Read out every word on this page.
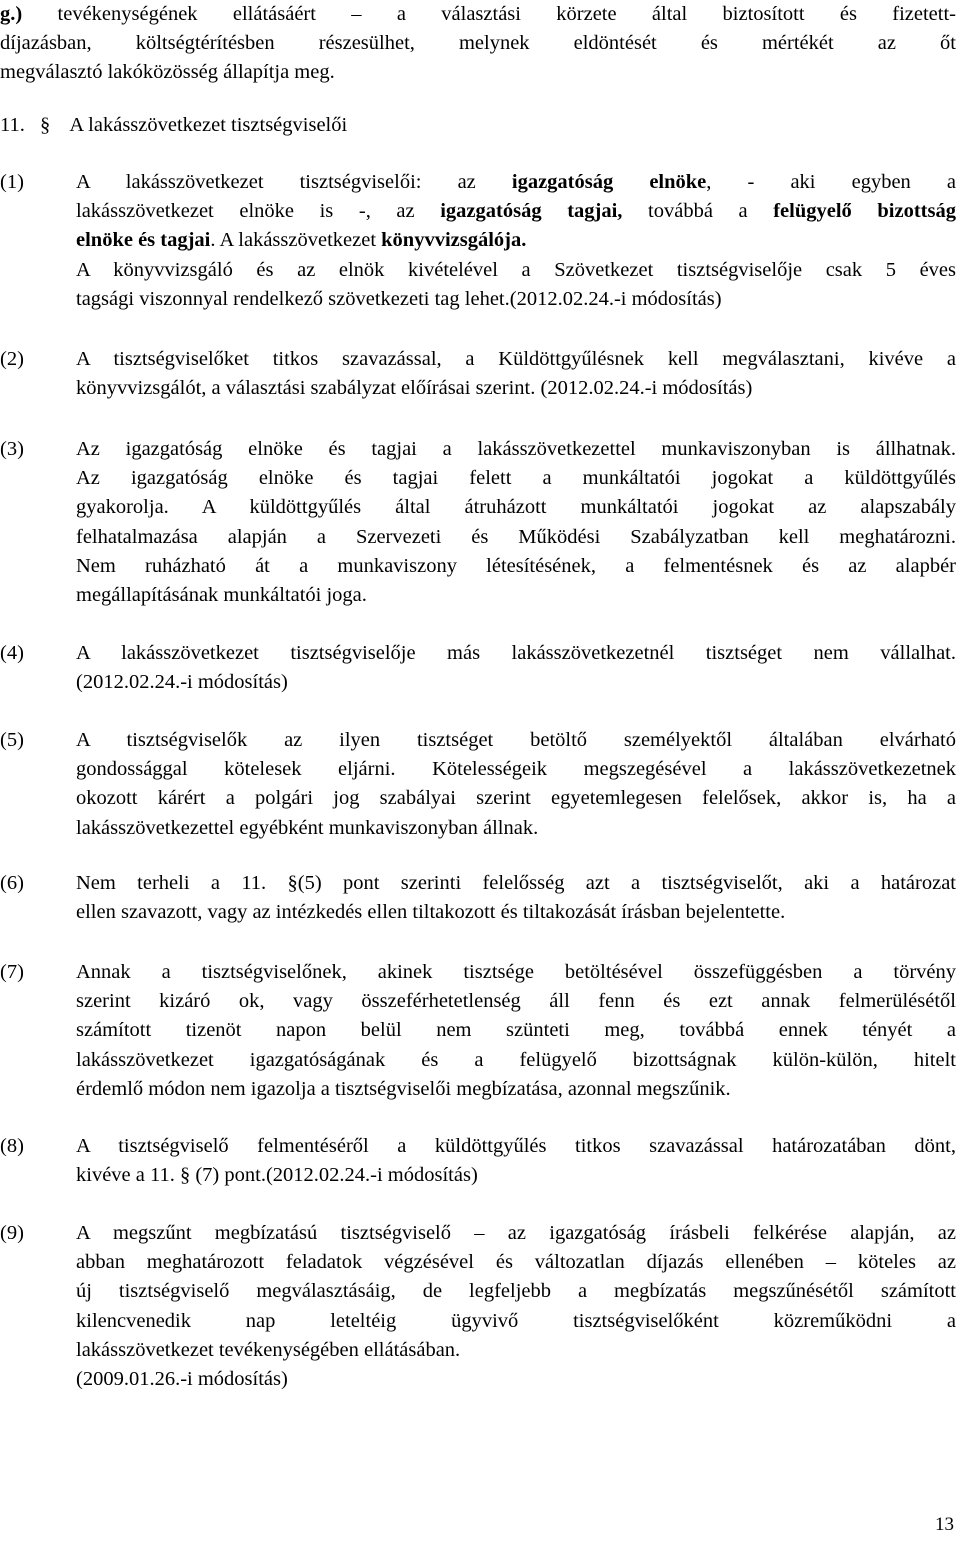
g.) tevékenységének ellátásáért – a választási körzete által biztosított és fizetett-
díjazásban, költségtérítésben részesülhet, melynek eldöntését és mértékét az őt
megválasztó lakóközösség állapítja meg.
11. § A lakásszövetkezet tisztségviselői
(1)	A lakásszövetkezet tisztségviselői: az igazgatóság elnöke, - aki egyben a
lakásszövetkezet elnöke is -, az igazgatóság tagjai, továbbá a felügyelő bizottság
elnöke és tagjai. A lakásszövetkezet könyvvizsgálója.
A könyvvizsgáló és az elnök kivételével a Szövetkezet tisztségviselője csak 5 éves
tagsági viszonnyal rendelkező szövetkezeti tag lehet.(2012.02.24.-i módosítás)
(2)	A tisztségviselőket titkos szavazással, a Küldöttgyűlésnek kell megválasztani, kivéve a
könyvvizsgálót, a választási szabályzat előírásai szerint. (2012.02.24.-i módosítás)
(3)	Az igazgatóság elnöke és tagjai a lakásszövetkezettel munkaviszonyban is állhatnak.
Az igazgatóság elnöke és tagjai felett a munkáltatói jogokat a küldöttgyűlés
gyakorolja. A küldöttgyűlés által átruházott munkáltatói jogokat az alapszabály
felhatalmazása alapján a Szervezeti és Működési Szabályzatban kell meghatározni.
Nem ruházható át a munkaviszony létesítésének, a felmentésnek és az alapbér
megállapításának munkáltatói joga.
(4)	A lakásszövetkezet tisztségviselője más lakásszövetkezetnél tisztséget nem vállalhat.
(2012.02.24.-i módosítás)
(5)	A tisztségviselők az ilyen tisztséget betöltő személyektől általában elvárható
gondossággal kötelesek eljárni. Kötelességeik megszegésével a lakásszövetkezetnek
okozott kárért a polgári jog szabályai szerint egyetemlegesen felelősek, akkor is, ha a
lakásszövetkezettel egyébként munkaviszonyban állnak.
(6)	Nem terheli a 11. §(5) pont szerinti felelősség azt a tisztségviselőt, aki a határozat
ellen szavazott, vagy az intézkedés ellen tiltakozott és tiltakozását írásban bejelentette.
(7)	Annak a tisztségviselőnek, akinek tisztsége betöltésével összefüggésben a törvény
szerint kizáró ok, vagy összeférhetetlenség áll fenn és ezt annak felmerülésétől
számított tizenöt napon belül nem szünteti meg, továbbá ennek tényét a
lakásszövetkezet igazgatóságának és a felügyelő bizottságnak külön-külön, hitelt
érdemlő módon nem igazolja a tisztségviselői megbízatása, azonnal megszűnik.
(8)	A tisztségviselő felmentéséről a küldöttgyűlés titkos szavazással határozatában dönt,
kivéve a 11. § (7) pont.(2012.02.24.-i módosítás)
(9)	A megszűnt megbízatású tisztségviselő – az igazgatóság írásbeli felkérése alapján, az
abban meghatározott feladatok végzésével és változatlan díjazás ellenében – köteles az
új tisztségviselő megválasztásáig, de legfeljebb a megbízatás megszűnésétől számított
kilencvenedik nap leteltéig ügyvivő tisztségviselőként közreműködni a
lakásszövetkezet tevékenységében ellátásában.
(2009.01.26.-i módosítás)
13
